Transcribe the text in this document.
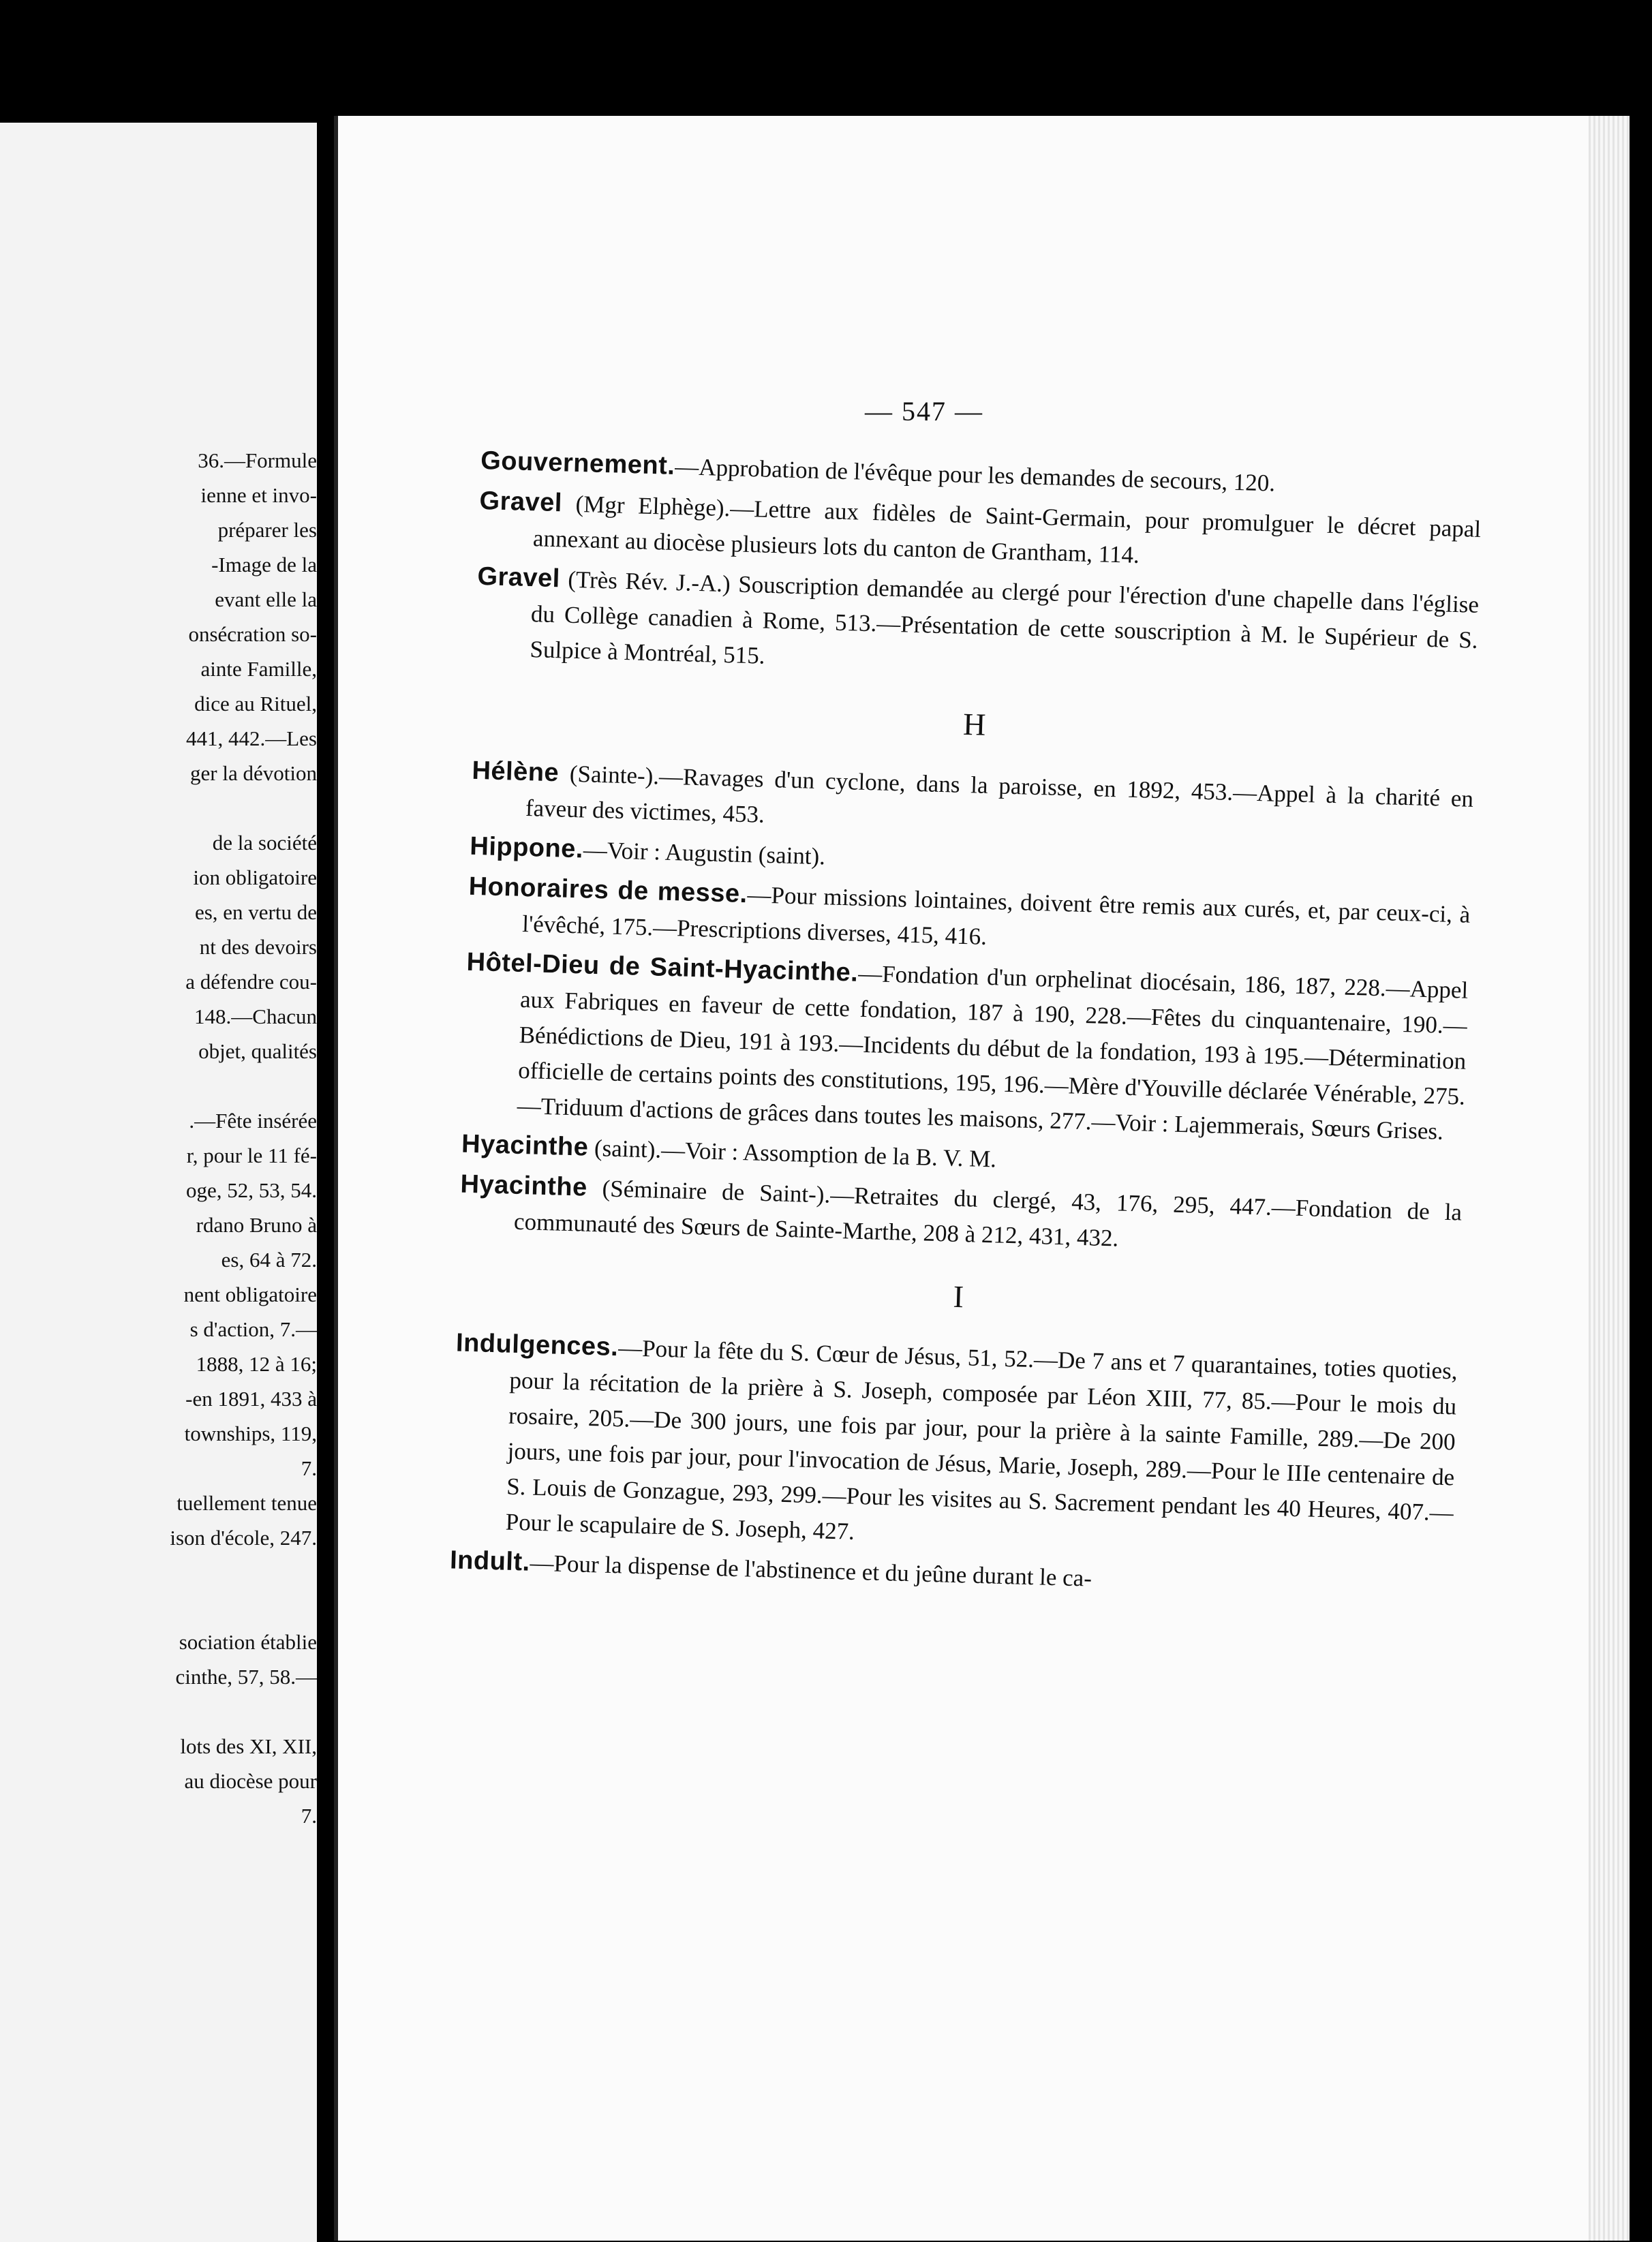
36.—Formule
ienne et invo-
préparer les
-Image de la
evant elle la
onsécration so-
ainte Famille,
dice au Rituel,
441, 442.—Les
ger la dévotion
de la société
ion obligatoire
es, en vertu de
nt des devoirs
a défendre cou-
148.—Chacun
objet, qualités
.—Fête insérée
r, pour le 11 fé-
oge, 52, 53, 54.
rdano Bruno à
es, 64 à 72.
nent obligatoire
s d'action, 7.—
1888, 12 à 16;
-en 1891, 433 à
townships, 119,
7.
tuellement tenue
ison d'école, 247.
sociation établie
cinthe, 57, 58.—
lots des XI, XII,
au diocèse pour
7.
— 547 —
Gouvernement.—Approbation de l'évêque pour les demandes de secours, 120.
Gravel (Mgr Elphège).—Lettre aux fidèles de Saint-Germain, pour promulguer le décret papal annexant au diocèse plusieurs lots du canton de Grantham, 114.
Gravel (Très Rév. J.-A.) Souscription demandée au clergé pour l'érection d'une chapelle dans l'église du Collège canadien à Rome, 513.—Présentation de cette souscription à M. le Supérieur de S. Sulpice à Montréal, 515.
H
Hélène (Sainte-).—Ravages d'un cyclone, dans la paroisse, en 1892, 453.—Appel à la charité en faveur des victimes, 453.
Hippone.—Voir : Augustin (saint).
Honoraires de messe.—Pour missions lointaines, doivent être remis aux curés, et, par ceux-ci, à l'évêché, 175.—Prescriptions diverses, 415, 416.
Hôtel-Dieu de Saint-Hyacinthe.—Fondation d'un orphelinat diocésain, 186, 187, 228.—Appel aux Fabriques en faveur de cette fondation, 187 à 190, 228.—Fêtes du cinquantenaire, 190.—Bénédictions de Dieu, 191 à 193.—Incidents du début de la fondation, 193 à 195.—Détermination officielle de certains points des constitutions, 195, 196.—Mère d'Youville déclarée Vénérable, 275.—Triduum d'actions de grâces dans toutes les maisons, 277.—Voir : Lajemmerais, Sœurs Grises.
Hyacinthe (saint).—Voir : Assomption de la B. V. M.
Hyacinthe (Séminaire de Saint-).—Retraites du clergé, 43, 176, 295, 447.—Fondation de la communauté des Sœurs de Sainte-Marthe, 208 à 212, 431, 432.
I
Indulgences.—Pour la fête du S. Cœur de Jésus, 51, 52.—De 7 ans et 7 quarantaines, toties quoties, pour la récitation de la prière à S. Joseph, composée par Léon XIII, 77, 85.—Pour le mois du rosaire, 205.—De 300 jours, une fois par jour, pour la prière à la sainte Famille, 289.—De 200 jours, une fois par jour, pour l'invocation de Jésus, Marie, Joseph, 289.—Pour le IIIe centenaire de S. Louis de Gonzague, 293, 299.—Pour les visites au S. Sacrement pendant les 40 Heures, 407.—Pour le scapulaire de S. Joseph, 427.
Indult.—Pour la dispense de l'abstinence et du jeûne durant le ca-
